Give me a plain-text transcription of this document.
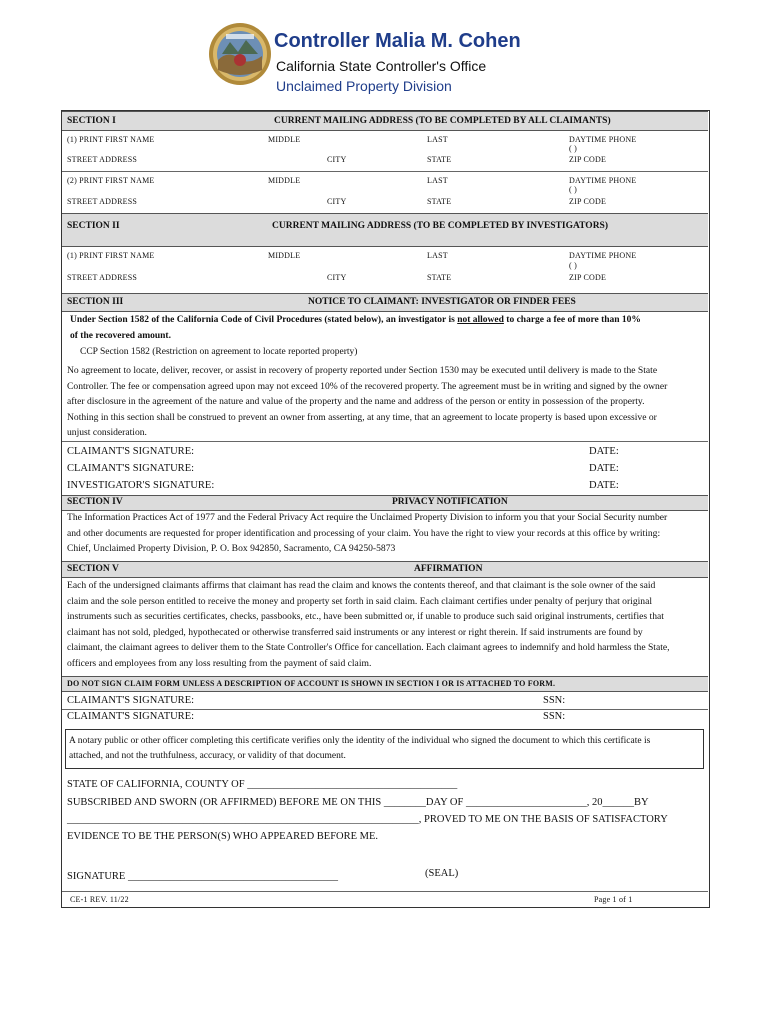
Controller Malia M. Cohen
California State Controller's Office
Unclaimed Property Division
SECTION I	CURRENT MAILING ADDRESS (TO BE COMPLETED BY ALL CLAIMANTS)
(1) PRINT FIRST NAME	MIDDLE	LAST	DAYTIME PHONE
( )
STREET ADDRESS	CITY	STATE	ZIP CODE
(2) PRINT FIRST NAME	MIDDLE	LAST	DAYTIME PHONE
( )
STREET ADDRESS	CITY	STATE	ZIP CODE
SECTION II	CURRENT MAILING ADDRESS (TO BE COMPLETED BY INVESTIGATORS)
(1) PRINT FIRST NAME	MIDDLE	LAST	DAYTIME PHONE
( )
STREET ADDRESS	CITY	STATE	ZIP CODE
SECTION III	NOTICE TO CLAIMANT: INVESTIGATOR OR FINDER FEES
Under Section 1582 of the California Code of Civil Procedures (stated below), an investigator is not allowed to charge a fee of more than 10%
of the recovered amount.
CCP Section 1582 (Restriction on agreement to locate reported property)
No agreement to locate, deliver, recover, or assist in recovery of property reported under Section 1530 may be executed until delivery is made to the State
Controller. The fee or compensation agreed upon may not exceed 10% of the recovered property. The agreement must be in writing and signed by the owner
after disclosure in the agreement of the nature and value of the property and the name and address of the person or entity in possession of the property.
Nothing in this section shall be construed to prevent an owner from asserting, at any time, that an agreement to locate property is based upon excessive or
unjust consideration.
CLAIMANT'S SIGNATURE:	DATE:
CLAIMANT'S SIGNATURE:	DATE:
INVESTIGATOR'S SIGNATURE:	DATE:
SECTION IV	PRIVACY NOTIFICATION
The Information Practices Act of 1977 and the Federal Privacy Act require the Unclaimed Property Division to inform you that your Social Security number
and other documents are requested for proper identification and processing of your claim. You have the right to view your records at this office by writing:
Chief, Unclaimed Property Division, P. O. Box 942850, Sacramento, CA 94250-5873
SECTION V	AFFIRMATION
Each of the undersigned claimants affirms that claimant has read the claim and knows the contents thereof, and that claimant is the sole owner of the said
claim and the sole person entitled to receive the money and property set forth in said claim. Each claimant certifies under penalty of perjury that original
instruments such as securities certificates, checks, passbooks, etc., have been submitted or, if unable to produce such said original instruments, certifies that
claimant has not sold, pledged, hypothecated or otherwise transferred said instruments or any interest or right therein. If said instruments are found by
claimant, the claimant agrees to deliver them to the State Controller's Office for cancellation. Each claimant agrees to indemnify and hold harmless the State,
officers and employees from any loss resulting from the payment of said claim.
DO NOT SIGN CLAIM FORM UNLESS A DESCRIPTION OF ACCOUNT IS SHOWN IN SECTION I OR IS ATTACHED TO FORM.
CLAIMANT'S SIGNATURE:	SSN:
CLAIMANT'S SIGNATURE:	SSN:
A notary public or other officer completing this certificate verifies only the identity of the individual who signed the document to which this certificate is
attached, and not the truthfulness, accuracy, or validity of that document.
STATE OF CALIFORNIA, COUNTY OF ________________________________________
SUBSCRIBED AND SWORN (OR AFFIRMED) BEFORE ME ON THIS ________DAY OF _______________________, 20______BY
___________________________________________________________________, PROVED TO ME ON THE BASIS OF SATISFACTORY
EVIDENCE TO BE THE PERSON(S) WHO APPEARED BEFORE ME.
SIGNATURE ________________________________________	(SEAL)
CE-1 REV. 11/22	Page 1 of 1
